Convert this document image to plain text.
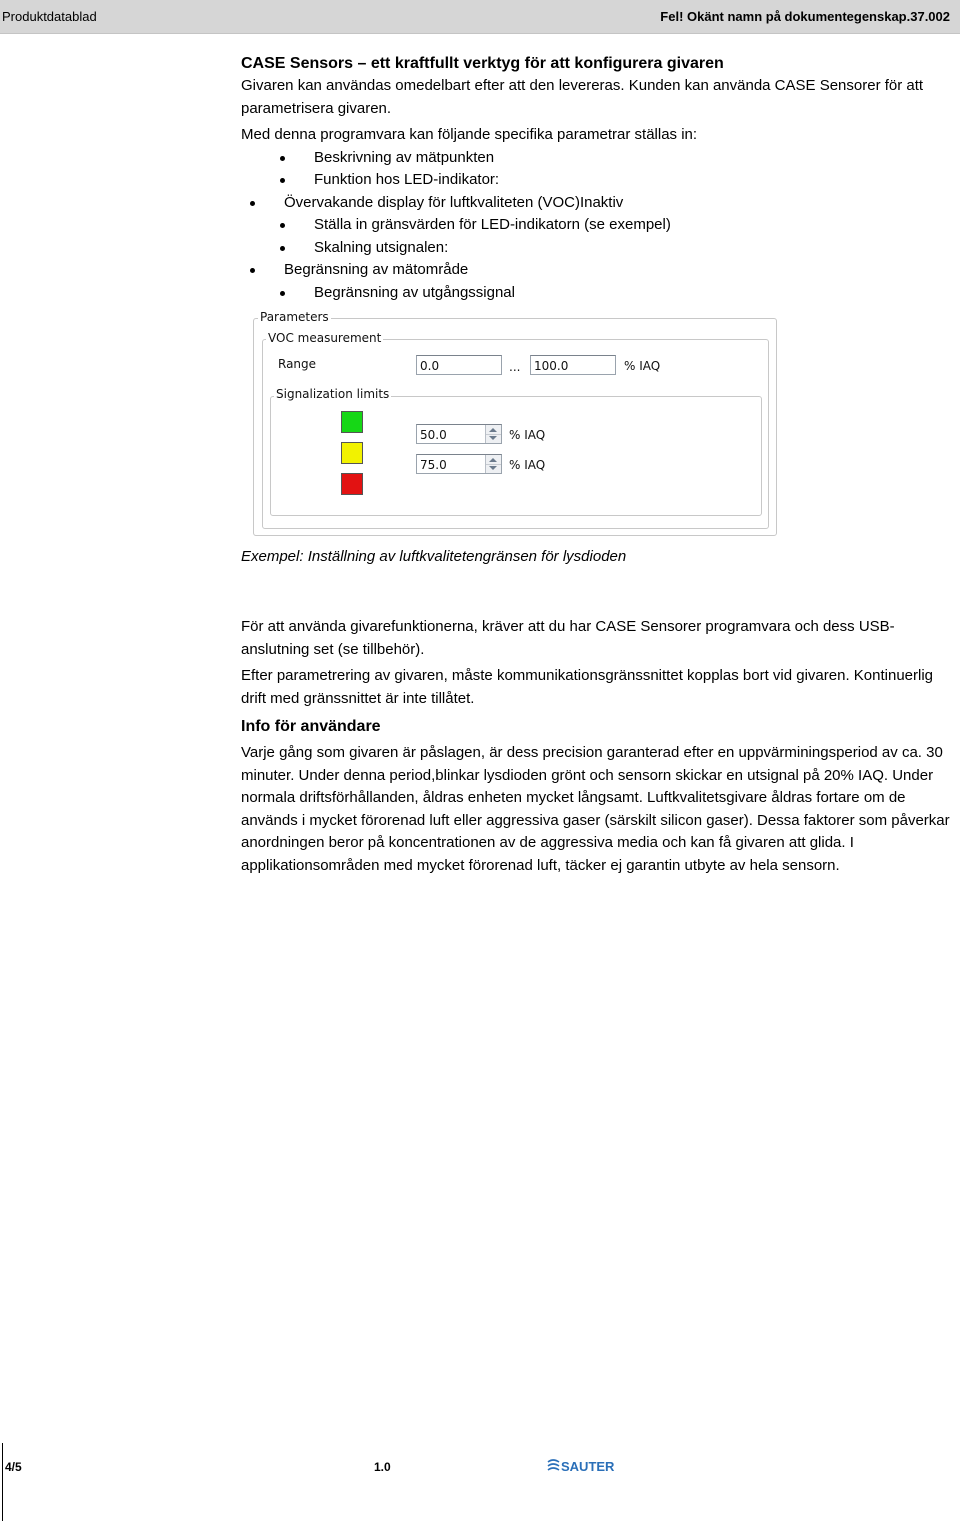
Produktdatablad	Fel! Okänt namn på dokumentegenskap.37.002
CASE Sensors – ett kraftfullt verktyg för att konfigurera givaren

Givaren kan användas omedelbart efter att den levereras. Kunden kan använda CASE Sensorer för att parametrisera givaren.

Med denna programvara kan följande specifika parametrar ställas in:

Beskrivning av mätpunkten
Funktion hos LED-indikator:
Övervakande display för luftkvaliteten (VOC)Inaktiv
Ställa in gränsvärden för LED-indikatorn (se exempel)
Skalning utsignalen:
Begränsning av mätområde
Begränsning av utgångssignal
Parameters
VOC measurement
Range	0.0	...	100.0	% IAQ
Signalization limits
50.0	% IAQ
75.0	% IAQ

Exempel: Inställning av luftkvalitetengränsen för lysdioden

För att använda givarefunktionerna, kräver att du har CASE Sensorer programvara och dess USB-anslutning set (se tillbehör).

Efter parametrering av givaren, måste kommunikationsgränssnittet kopplas bort vid givaren. Kontinuerlig drift med gränssnittet är inte tillåtet.

Info för användare

Varje gång som givaren är påslagen, är dess precision garanterad efter en uppvärminingsperiod av ca. 30 minuter. Under denna period,blinkar lysdioden grönt och sensorn skickar en utsignal på 20% IAQ. Under normala driftsförhållanden, åldras enheten mycket långsamt. Luftkvalitetsgivare åldras fortare om de används i mycket förorenad luft eller aggressiva gaser (särskilt silicon gaser). Dessa faktorer som påverkar anordningen beror på koncentrationen av de aggressiva media och kan få givaren att glida. I applikationsområden med mycket förorenad luft, täcker ej garantin utbyte av hela sensorn.

4/5	1.0	SAUTER
